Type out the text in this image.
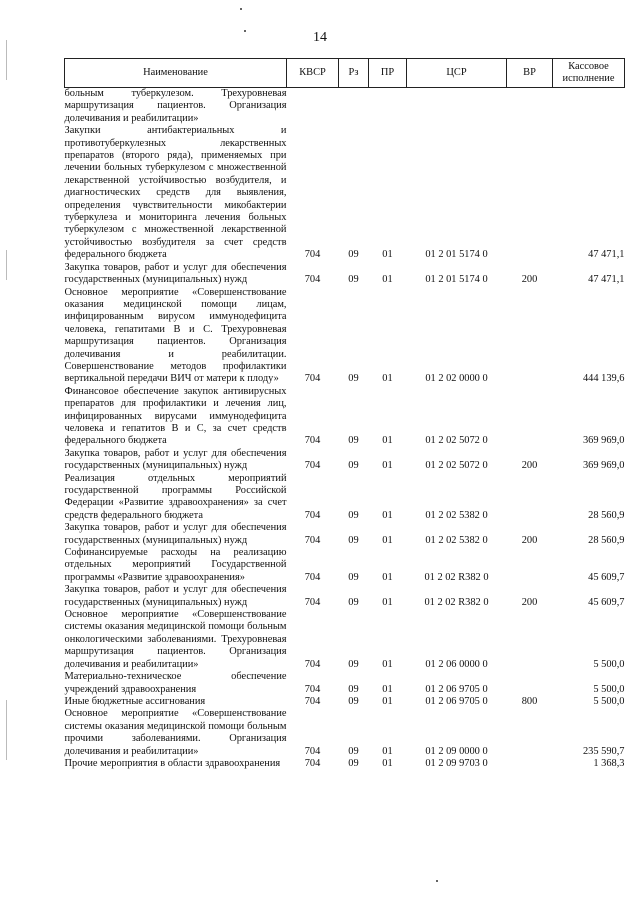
14
Наименование	КВСР	Рз	ПР	ЦСР	ВР	Кассовое исполнение
больным туберкулезом. Трехуровневая маршрутизация пациентов. Организация долечивания и реабилитации»						
Закупки антибактериальных и противотуберкулезных лекарственных препаратов (второго ряда), применяемых при лечении больных туберкулезом с множественной лекарственной устойчивостью возбудителя, и диагностических средств для выявления, определения чувствительности микобактерии туберкулеза и мониторинга лечения больных туберкулезом с множественной лекарственной устойчивостью возбудителя за счет средств федерального бюджета	704	09	01	01 2 01 5174 0		47 471,1
Закупка товаров, работ и услуг для обеспечения государственных (муниципальных) нужд	704	09	01	01 2 01 5174 0	200	47 471,1
Основное мероприятие «Совершенствование оказания медицинской помощи лицам, инфицированным вирусом иммунодефицита человека, гепатитами В и С. Трехуровневая маршрутизация пациентов. Организация долечивания и реабилитации. Совершенствование методов профилактики вертикальной передачи ВИЧ от матери к плоду»	704	09	01	01 2 02 0000 0		444 139,6
Финансовое обеспечение закупок антивирусных препаратов для профилактики и лечения лиц, инфицированных вирусами иммунодефицита человека и гепатитов В и С, за счет средств федерального бюджета	704	09	01	01 2 02 5072 0		369 969,0
Закупка товаров, работ и услуг для обеспечения государственных (муниципальных) нужд	704	09	01	01 2 02 5072 0	200	369 969,0
Реализация отдельных мероприятий государственной программы Российской Федерации «Развитие здравоохранения» за счет средств федерального бюджета	704	09	01	01 2 02 5382 0		28 560,9
Закупка товаров, работ и услуг для обеспечения государственных (муниципальных) нужд	704	09	01	01 2 02 5382 0	200	28 560,9
Софинансируемые расходы на реализацию отдельных мероприятий Государственной программы «Развитие здравоохранения»	704	09	01	01 2 02 R382 0		45 609,7
Закупка товаров, работ и услуг для обеспечения государственных (муниципальных) нужд	704	09	01	01 2 02 R382 0	200	45 609,7
Основное мероприятие «Совершенствование системы оказания медицинской помощи больным онкологическими заболеваниями. Трехуровневая маршрутизация пациентов. Организация долечивания и реабилитации»	704	09	01	01 2 06 0000 0		5 500,0
Материально-техническое обеспечение учреждений здравоохранения	704	09	01	01 2 06 9705 0		5 500,0
Иные бюджетные ассигнования	704	09	01	01 2 06 9705 0	800	5 500,0
Основное мероприятие «Совершенствование системы оказания медицинской помощи больным прочими заболеваниями. Организация долечивания и реабилитации»	704	09	01	01 2 09 0000 0		235 590,7
Прочие мероприятия в области здравоохранения	704	09	01	01 2 09 9703 0		1 368,3
